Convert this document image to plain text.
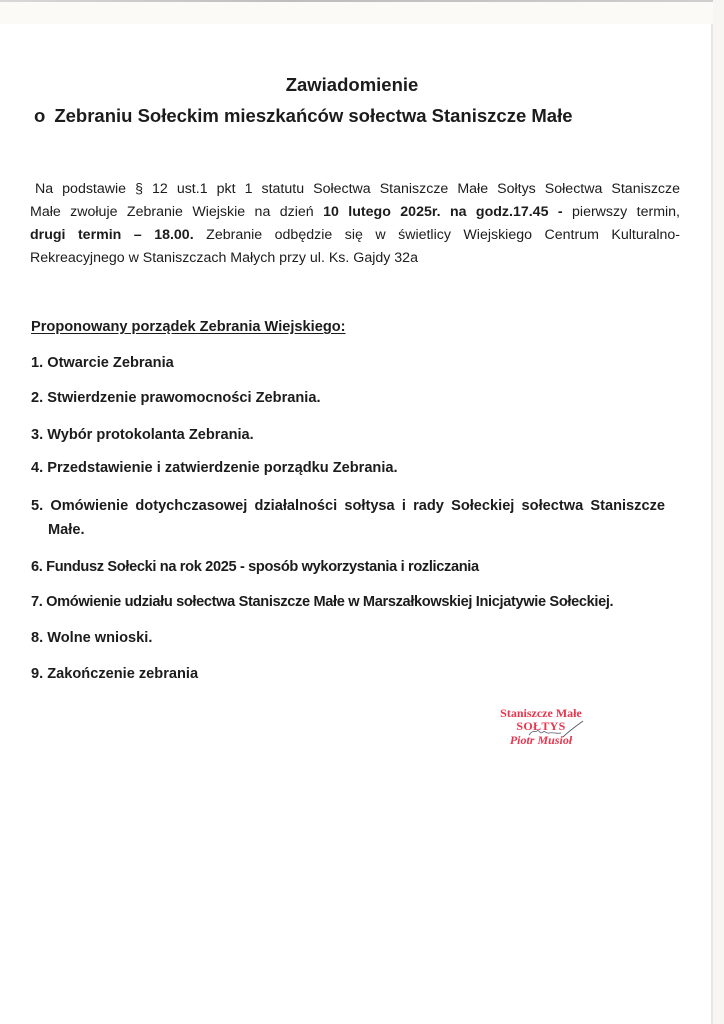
Zawiadomienie
o Zebraniu Sołeckim mieszkańców sołectwa Staniszcze Małe
Na podstawie § 12 ust.1 pkt 1 statutu Sołectwa Staniszcze Małe Sołtys Sołectwa Staniszcze
Małe zwołuje Zebranie Wiejskie na dzień 10 lutego 2025r. na godz.17.45 - pierwszy termin,
drugi termin – 18.00. Zebranie odbędzie się w świetlicy Wiejskiego Centrum Kulturalno-
Rekreacyjnego w Staniszczach Małych przy ul. Ks. Gajdy 32a
Proponowany porządek Zebrania Wiejskiego:
1. Otwarcie Zebrania
2. Stwierdzenie prawomocności Zebrania.
3. Wybór protokolanta Zebrania.
4. Przedstawienie i zatwierdzenie porządku Zebrania.
5. Omówienie dotychczasowej działalności sołtysa i rady Sołeckiej sołectwa Staniszcze
Małe.
6. Fundusz Sołecki na rok 2025 - sposób wykorzystania i rozliczania
7. Omówienie udziału sołectwa Staniszcze Małe w Marszałkowskiej Inicjatywie Sołeckiej.
8. Wolne wnioski.
9. Zakończenie zebrania
Staniszcze Małe
SOŁTYS
Piotr Musioł
